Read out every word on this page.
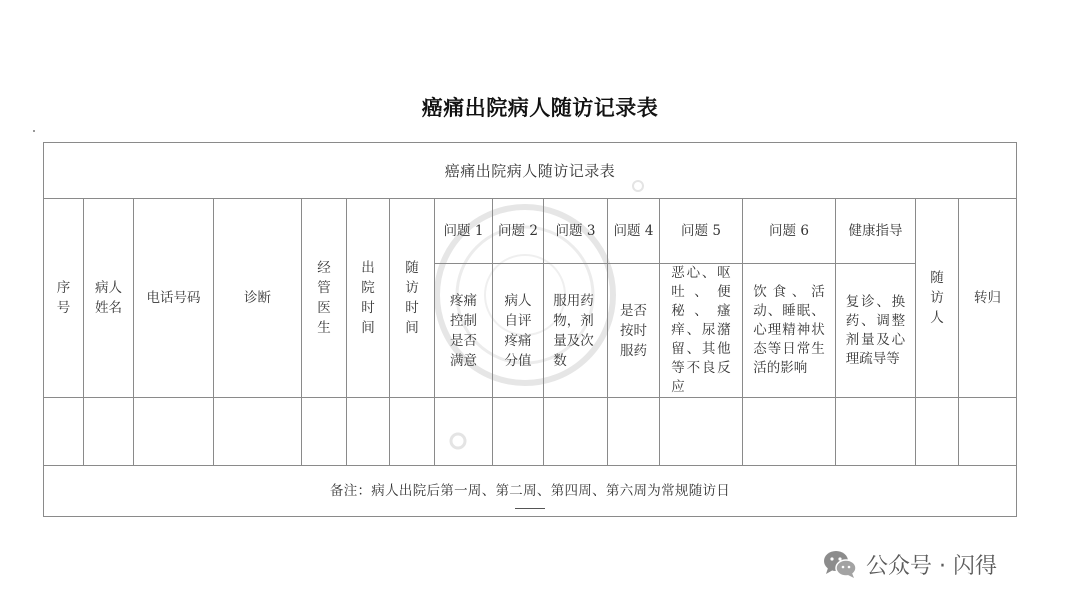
癌痛出院病人随访记录表
癌痛出院病人随访记录表															
序号	病人姓名	电话号码	诊断	经管医生	出院时间	随访时间	问题 1	问题 2	问题 3	问题 4	问题 5	问题 6	健康指导	随访人	转归
							疼痛控制是否满意	病人自评疼痛分值	服用药物，剂量及次数	是否按时服药	恶心、呕吐、便秘、瘙痒、尿潴留、其他等不良反应	饮食、活动、睡眠、心理精神状态等日常生活的影响	复诊、换药、调整剂量及心理疏导等		

备注：病人出院后第一周、第二周、第四周、第六周为常规随访日															
公众号 · 闪得
